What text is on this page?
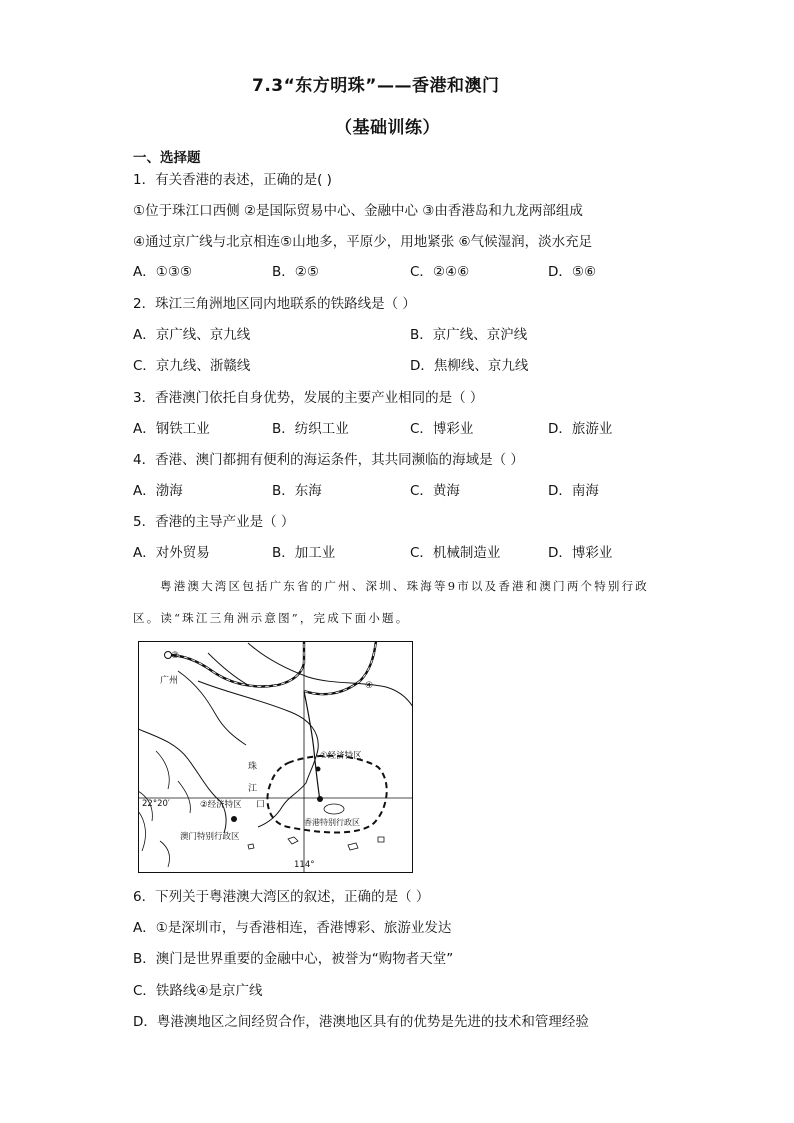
7.3“东方明珠”——香港和澳门
（基础训练）
一、选择题
1．有关香港的表述，正确的是( )
①位于珠江口西侧 ②是国际贸易中心、金融中心 ③由香港岛和九龙两部组成
④通过京广线与北京相连⑤山地多，平原少，用地紧张 ⑥气候湿润，淡水充足
A．①③⑤	B．②⑤	C．②④⑥	D．⑤⑥
2．珠江三角洲地区同内地联系的铁路线是（ ）
A．京广线、京九线	B．京广线、京沪线
C．京九线、浙赣线	D．焦柳线、京九线
3．香港澳门依托自身优势，发展的主要产业相同的是（ ）
A．钢铁工业	B．纺织工业	C．博彩业	D．旅游业
4．香港、澳门都拥有便利的海运条件，其共同濒临的海域是（ ）
A．渤海	B．东海	C．黄海	D．南海
5．香港的主导产业是（ ）
A．对外贸易	B．加工业	C．机械制造业	D．博彩业
粤港澳大湾区包括广东省的广州、深圳、珠海等9市以及香港和澳门两个特别行政
区。读“珠江三角洲示意图”，完成下面小题。
③
广州	④
①经济特区
珠
江
口
②经济特区
22°20′
澳门特别行政区
香港特别行政区
114°
6．下列关于粤港澳大湾区的叙述，正确的是（ ）
A．①是深圳市，与香港相连，香港博彩、旅游业发达
B．澳门是世界重要的金融中心，被誉为“购物者天堂”
C．铁路线④是京广线
D．粤港澳地区之间经贸合作，港澳地区具有的优势是先进的技术和管理经验
